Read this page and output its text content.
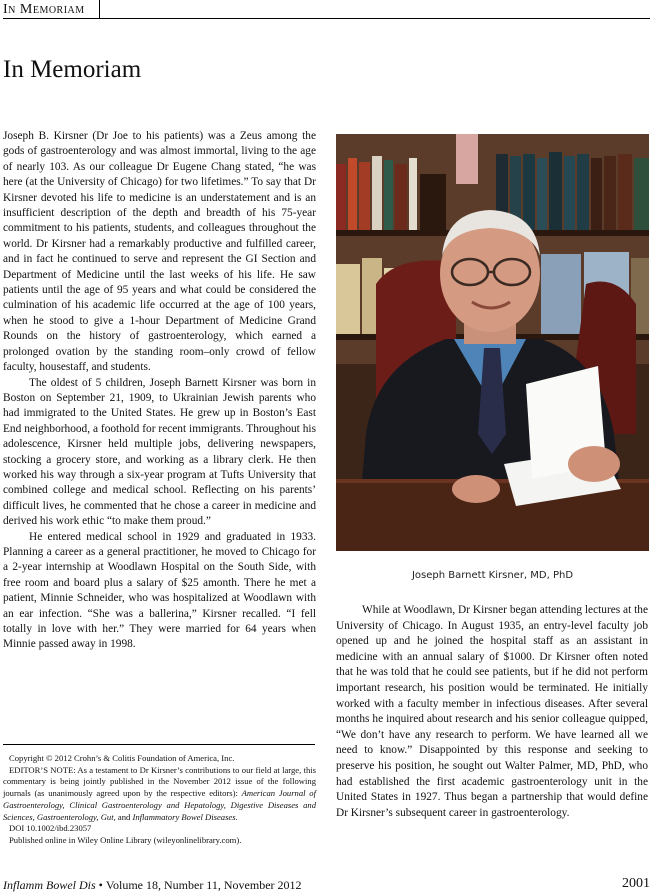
In Memoriam
In Memoriam

Joseph B. Kirsner (Dr Joe to his patients) was a Zeus among the gods of gastroenterology and was almost immortal, living to the age of nearly 103. As our colleague Dr Eugene Chang stated, “he was here (at the University of Chicago) for two lifetimes.” To say that Dr Kirsner devoted his life to medicine is an understatement and is an insufficient description of the depth and breadth of his 75-year commitment to his patients, students, and colleagues throughout the world. Dr Kirsner had a remarkably productive and fulfilled career, and in fact he continued to serve and represent the GI Section and Department of Medicine until the last weeks of his life. He saw patients until the age of 95 years and what could be considered the culmination of his academic life occurred at the age of 100 years, when he stood to give a 1-hour Department of Medicine Grand Rounds on the history of gastroenterology, which earned a prolonged ovation by the standing room–only crowd of fellow faculty, housestaff, and students.

The oldest of 5 children, Joseph Barnett Kirsner was born in Boston on September 21, 1909, to Ukrainian Jewish parents who had immigrated to the United States. He grew up in Boston’s East End neighborhood, a foothold for recent immigrants. Throughout his adolescence, Kirsner held multiple jobs, delivering newspapers, stocking a grocery store, and working as a library clerk. He then worked his way through a six-year program at Tufts University that combined college and medical school. Reflecting on his parents’ difficult lives, he commented that he chose a career in medicine and derived his work ethic “to make them proud.”

He entered medical school in 1929 and graduated in 1933. Planning a career as a general practitioner, he moved to Chicago for a 2-year internship at Woodlawn Hospital on the South Side, with free room and board plus a salary of $25 amonth. There he met a patient, Minnie Schneider, who was hospitalized at Woodlawn with an ear infection. “She was a ballerina,” Kirsner recalled. “I fell totally in love with her.” They were married for 64 years when Minnie passed away in 1998.

Joseph Barnett Kirsner, MD, PhD

While at Woodlawn, Dr Kirsner began attending lectures at the University of Chicago. In August 1935, an entry-level faculty job opened up and he joined the hospital staff as an assistant in medicine with an annual salary of $1000. Dr Kirsner often noted that he was told that he could see patients, but if he did not perform important research, his position would be terminated. He initially worked with a faculty member in infectious diseases. After several months he inquired about research and his senior colleague quipped, “We don’t have any research to perform. We have learned all we need to know.” Disappointed by this response and seeking to preserve his position, he sought out Walter Palmer, MD, PhD, who had established the first academic gastroenterology unit in the United States in 1927. Thus began a partnership that would define Dr Kirsner’s subsequent career in gastroenterology.

Copyright © 2012 Crohn’s & Colitis Foundation of America, Inc.

EDITOR’S NOTE: As a testament to Dr Kirsner’s contributions to our field at large, this commentary is being jointly published in the November 2012 issue of the following journals (as unanimously agreed upon by the respective editors): American Journal of Gastroenterology, Clinical Gastroenterology and Hepatology, Digestive Diseases and Sciences, Gastroenterology, Gut, and Inflammatory Bowel Diseases.

DOI 10.1002/ibd.23057

Published online in Wiley Online Library (wileyonlinelibrary.com).

Inflamm Bowel Dis • Volume 18, Number 11, November 2012	2001
